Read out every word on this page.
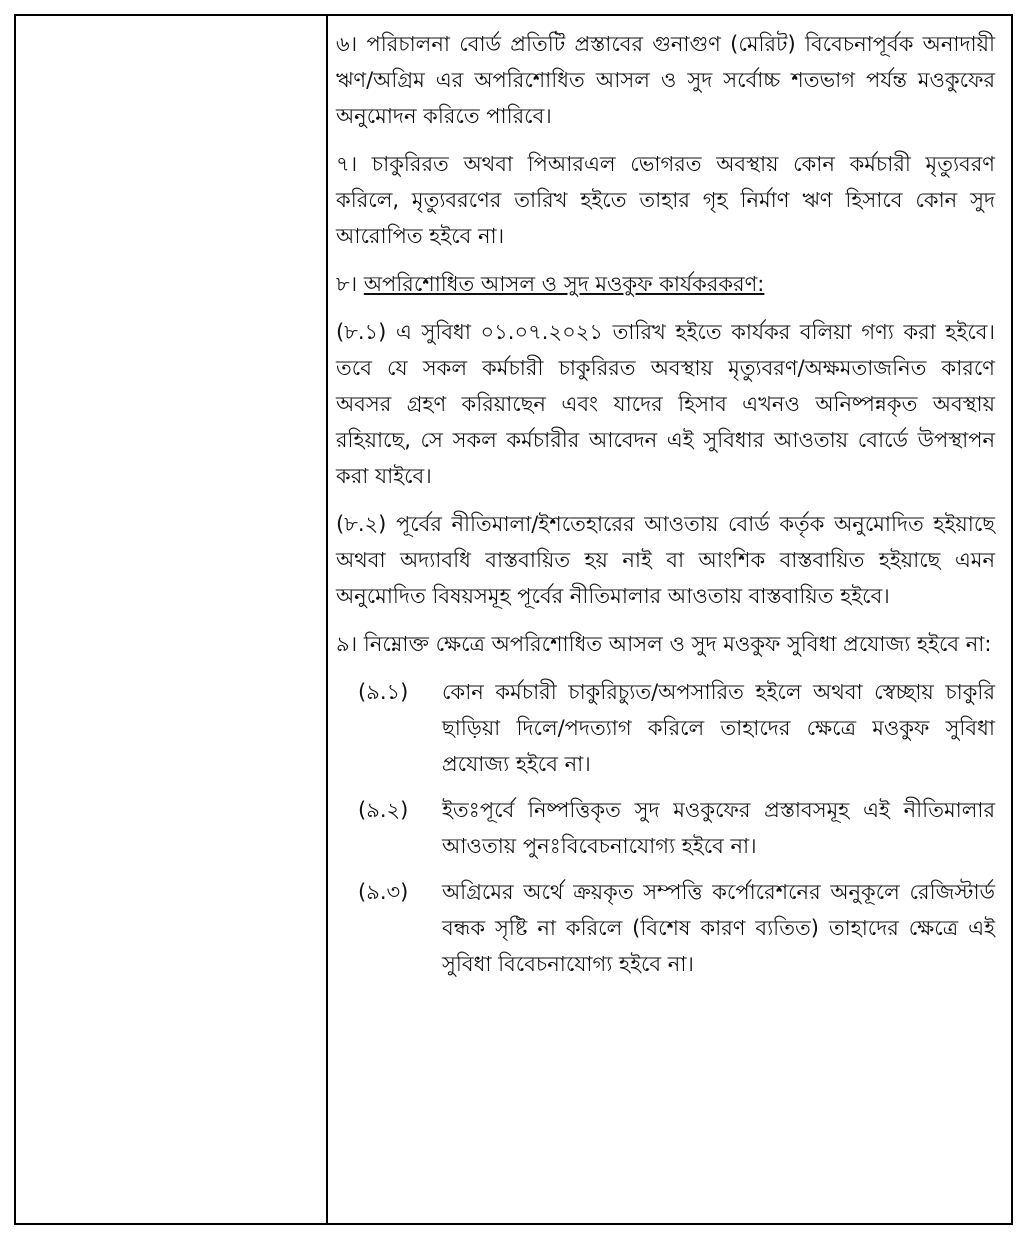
৬। পরিচালনা বোর্ড প্রতিটি প্রস্তাবের গুনাগুণ (মেরিট) বিবেচনাপূর্বক অনাদায়ী ঋণ/অগ্রিম এর অপরিশোধিত আসল ও সুদ সর্বোচ্চ শতভাগ পর্যন্ত মওকুফের অনুমোদন করিতে পারিবে।

৭। চাকুরিরত অথবা পিআরএল ভোগরত অবস্থায় কোন কর্মচারী মৃত্যুবরণ করিলে, মৃত্যুবরণের তারিখ হইতে তাহার গৃহ নির্মাণ ঋণ হিসাবে কোন সুদ আরোপিত হইবে না।

৮। অপরিশোধিত আসল ও সুদ মওকুফ কার্যকরকরণ:

(৮.১) এ সুবিধা ০১.০৭.২০২১ তারিখ হইতে কার্যকর বলিয়া গণ্য করা হইবে। তবে যে সকল কর্মচারী চাকুরিরত অবস্থায় মৃত্যুবরণ/অক্ষমতাজনিত কারণে অবসর গ্রহণ করিয়াছেন এবং যাদের হিসাব এখনও অনিষ্পন্নকৃত অবস্থায় রহিয়াছে, সে সকল কর্মচারীর আবেদন এই সুবিধার আওতায় বোর্ডে উপস্থাপন করা যাইবে।

(৮.২) পূর্বের নীতিমালা/ইশতেহারের আওতায় বোর্ড কর্তৃক অনুমোদিত হইয়াছে অথবা অদ্যাবধি বাস্তবায়িত হয় নাই বা আংশিক বাস্তবায়িত হইয়াছে এমন অনুমোদিত বিষয়সমূহ পূর্বের নীতিমালার আওতায় বাস্তবায়িত হইবে।

৯। নিম্নোক্ত ক্ষেত্রে অপরিশোধিত আসল ও সুদ মওকুফ সুবিধা প্রযোজ্য হইবে না:

(৯.১)	কোন কর্মচারী চাকুরিচ্যুত/অপসারিত হইলে অথবা স্বেচ্ছায় চাকুরি ছাড়িয়া দিলে/পদত্যাগ করিলে তাহাদের ক্ষেত্রে মওকুফ সুবিধা প্রযোজ্য হইবে না।
(৯.২)	ইতঃপূর্বে নিষ্পত্তিকৃত সুদ মওকুফের প্রস্তাবসমূহ এই নীতিমালার আওতায় পুনঃবিবেচনাযোগ্য হইবে না।
(৯.৩)	অগ্রিমের অর্থে ক্রয়কৃত সম্পত্তি কর্পোরেশনের অনুকূলে রেজিস্টার্ড বন্ধক সৃষ্টি না করিলে (বিশেষ কারণ ব্যতিত) তাহাদের ক্ষেত্রে এই সুবিধা বিবেচনাযোগ্য হইবে না।
